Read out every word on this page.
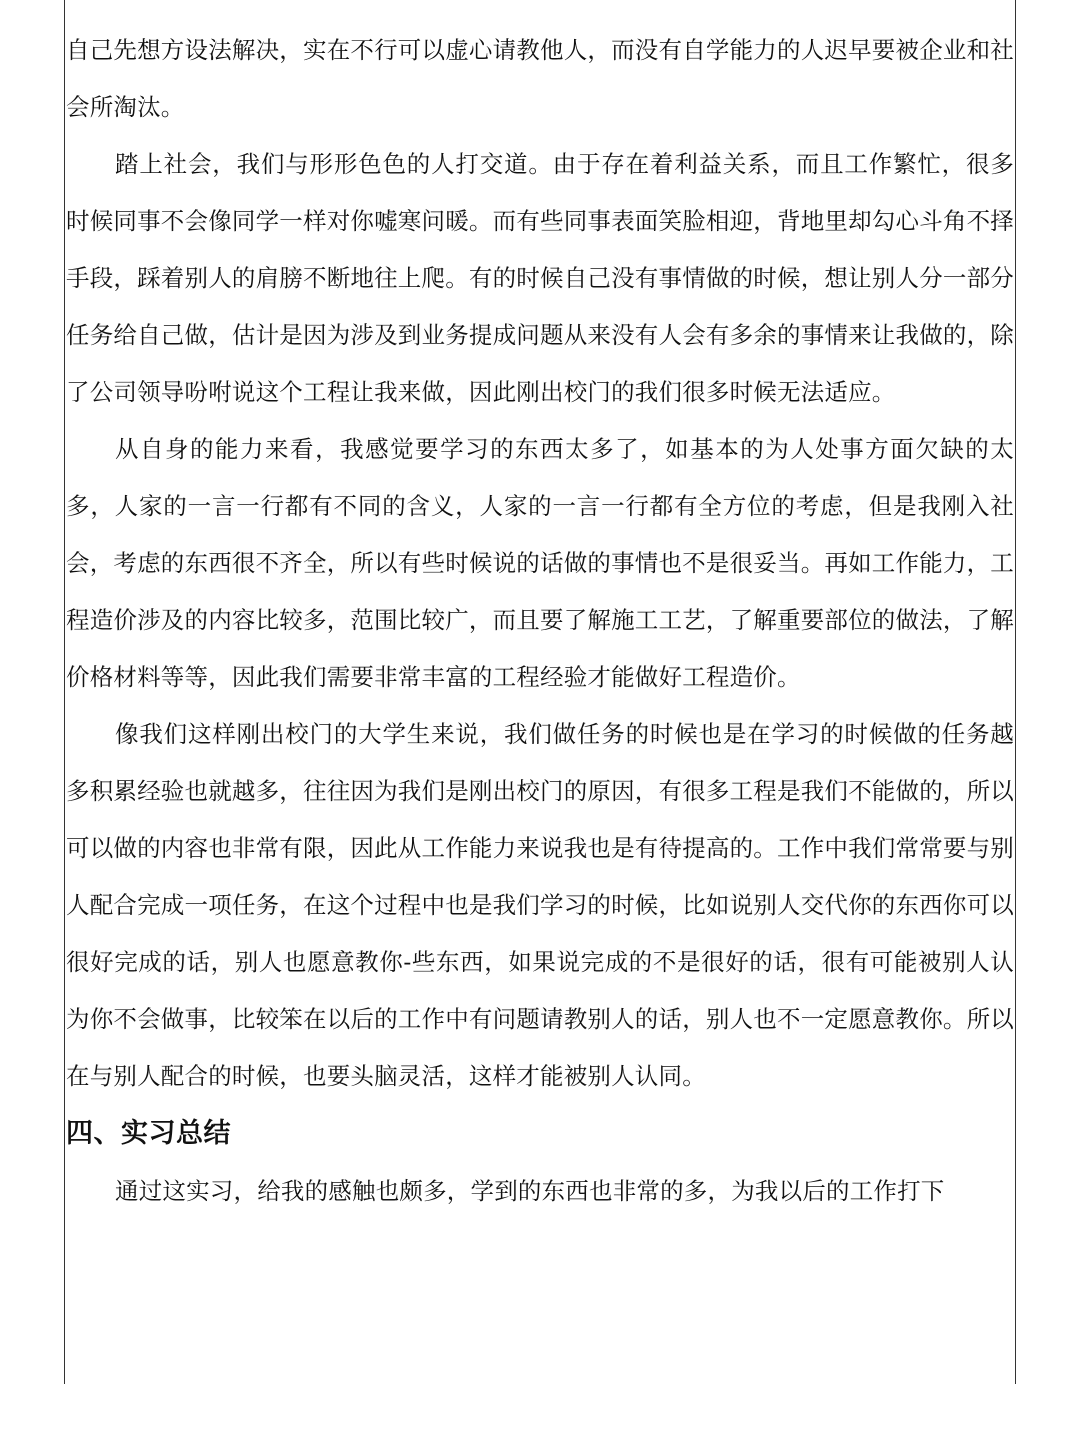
自己先想方设法解决，实在不行可以虚心请教他人，而没有自学能力的人迟早要被企业和社会所淘汰。

踏上社会，我们与形形色色的人打交道。由于存在着利益关系，而且工作繁忙，很多时候同事不会像同学一样对你嘘寒问暖。而有些同事表面笑脸相迎，背地里却勾心斗角不择手段，踩着别人的肩膀不断地往上爬。有的时候自己没有事情做的时候，想让别人分一部分任务给自己做，估计是因为涉及到业务提成问题从来没有人会有多余的事情来让我做的，除了公司领导吩咐说这个工程让我来做，因此刚出校门的我们很多时候无法适应。

从自身的能力来看，我感觉要学习的东西太多了，如基本的为人处事方面欠缺的太多，人家的一言一行都有不同的含义，人家的一言一行都有全方位的考虑，但是我刚入社会，考虑的东西很不齐全，所以有些时候说的话做的事情也不是很妥当。再如工作能力，工程造价涉及的内容比较多，范围比较广，而且要了解施工工艺，了解重要部位的做法，了解价格材料等等，因此我们需要非常丰富的工程经验才能做好工程造价。

像我们这样刚出校门的大学生来说，我们做任务的时候也是在学习的时候做的任务越多积累经验也就越多，往往因为我们是刚出校门的原因，有很多工程是我们不能做的，所以可以做的内容也非常有限，因此从工作能力来说我也是有待提高的。工作中我们常常要与别人配合完成一项任务，在这个过程中也是我们学习的时候，比如说别人交代你的东西你可以很好完成的话，别人也愿意教你-些东西，如果说完成的不是很好的话，很有可能被别人认为你不会做事，比较笨在以后的工作中有问题请教别人的话，别人也不一定愿意教你。所以在与别人配合的时候，也要头脑灵活，这样才能被别人认同。

四、实习总结

通过这实习，给我的感触也颇多，学到的东西也非常的多，为我以后的工作打下
